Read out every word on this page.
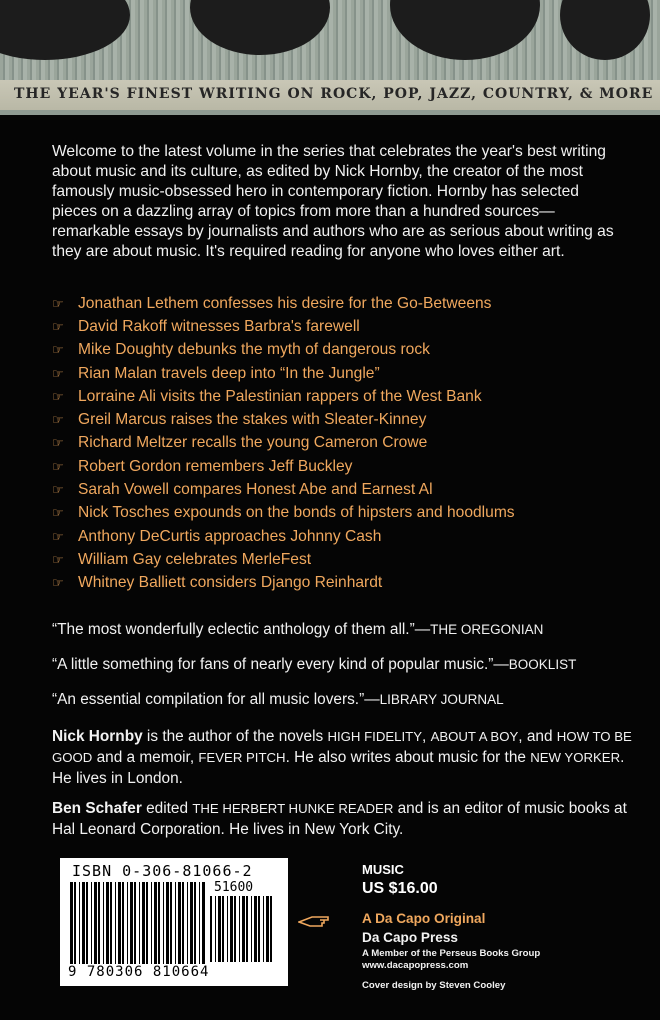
THE YEAR'S FINEST WRITING ON ROCK, POP, JAZZ, COUNTRY, & MORE

Welcome to the latest volume in the series that celebrates the year's best writing about music and its culture, as edited by Nick Hornby, the creator of the most famously music-obsessed hero in contemporary fiction. Hornby has selected pieces on a dazzling array of topics from more than a hundred sources—remarkable essays by journalists and authors who are as serious about writing as they are about music. It's required reading for anyone who loves either art.

☞ Jonathan Lethem confesses his desire for the Go-Betweens
☞ David Rakoff witnesses Barbra's farewell
☞ Mike Doughty debunks the myth of dangerous rock
☞ Rian Malan travels deep into “In the Jungle”
☞ Lorraine Ali visits the Palestinian rappers of the West Bank
☞ Greil Marcus raises the stakes with Sleater-Kinney
☞ Richard Meltzer recalls the young Cameron Crowe
☞ Robert Gordon remembers Jeff Buckley
☞ Sarah Vowell compares Honest Abe and Earnest Al
☞ Nick Tosches expounds on the bonds of hipsters and hoodlums
☞ Anthony DeCurtis approaches Johnny Cash
☞ William Gay celebrates MerleFest
☞ Whitney Balliett considers Django Reinhardt
“The most wonderfully eclectic anthology of them all.”—THE OREGONIAN
“A little something for fans of nearly every kind of popular music.”—BOOKLIST
“An essential compilation for all music lovers.”—LIBRARY JOURNAL
Nick Hornby is the author of the novels HIGH FIDELITY, ABOUT A BOY, and HOW TO BE GOOD and a memoir, FEVER PITCH. He also writes about music for the NEW YORKER. He lives in London.
Ben Schafer edited THE HERBERT HUNKE READER and is an editor of music books at Hal Leonard Corporation. He lives in New York City.
ISBN 0-306-81066-2
51600
9 780306 810664
MUSIC
US $16.00
A Da Capo Original
Da Capo Press
A Member of the Perseus Books Group
www.dacapopress.com
Cover design by Steven Cooley
